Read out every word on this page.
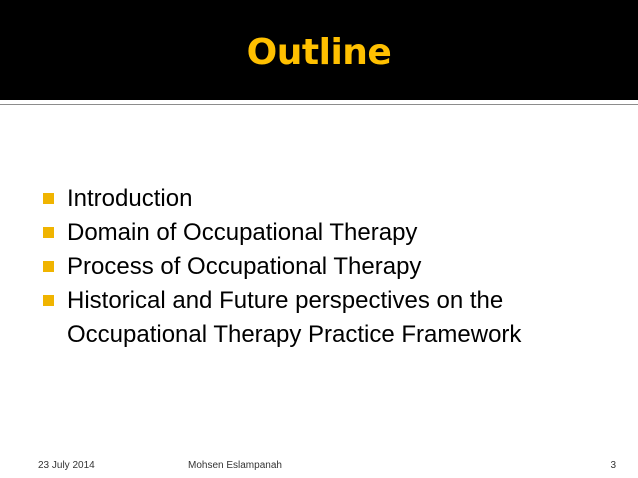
Outline
Introduction
Domain of Occupational Therapy
Process of Occupational Therapy
Historical and Future perspectives on the Occupational Therapy Practice Framework
23 July 2014	Mohsen Eslampanah	3
